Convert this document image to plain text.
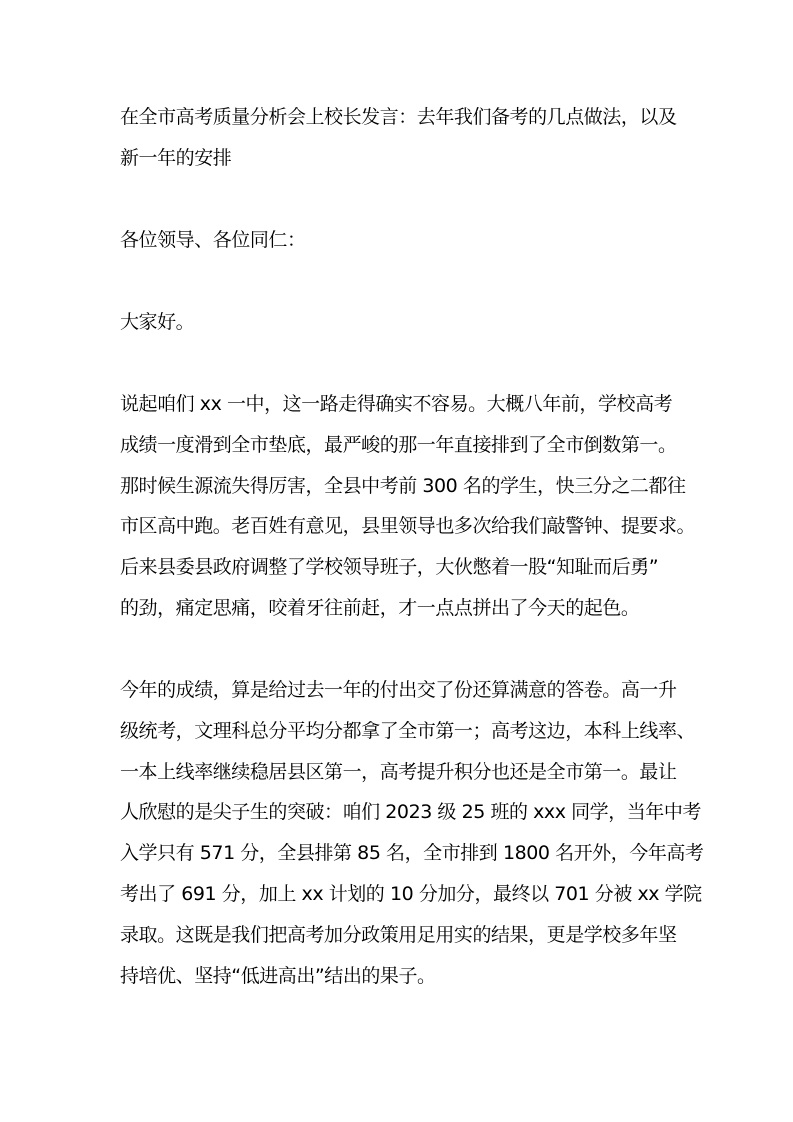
在全市高考质量分析会上校长发言：去年我们备考的几点做法，以及
新一年的安排
各位领导、各位同仁：
大家好。
说起咱们 xx 一中，这一路走得确实不容易。大概八年前，学校高考
成绩一度滑到全市垫底，最严峻的那一年直接排到了全市倒数第一。
那时候生源流失得厉害，全县中考前 300 名的学生，快三分之二都往
市区高中跑。老百姓有意见，县里领导也多次给我们敲警钟、提要求。
后来县委县政府调整了学校领导班子，大伙憋着一股“知耻而后勇”
的劲，痛定思痛，咬着牙往前赶，才一点点拼出了今天的起色。
今年的成绩，算是给过去一年的付出交了份还算满意的答卷。高一升
级统考，文理科总分平均分都拿了全市第一；高考这边，本科上线率、
一本上线率继续稳居县区第一，高考提升积分也还是全市第一。最让
人欣慰的是尖子生的突破：咱们 2023 级 25 班的 xxx 同学，当年中考
入学只有 571 分，全县排第 85 名，全市排到 1800 名开外，今年高考
考出了 691 分，加上 xx 计划的 10 分加分，最终以 701 分被 xx 学院
录取。这既是我们把高考加分政策用足用实的结果，更是学校多年坚
持培优、坚持“低进高出”结出的果子。
